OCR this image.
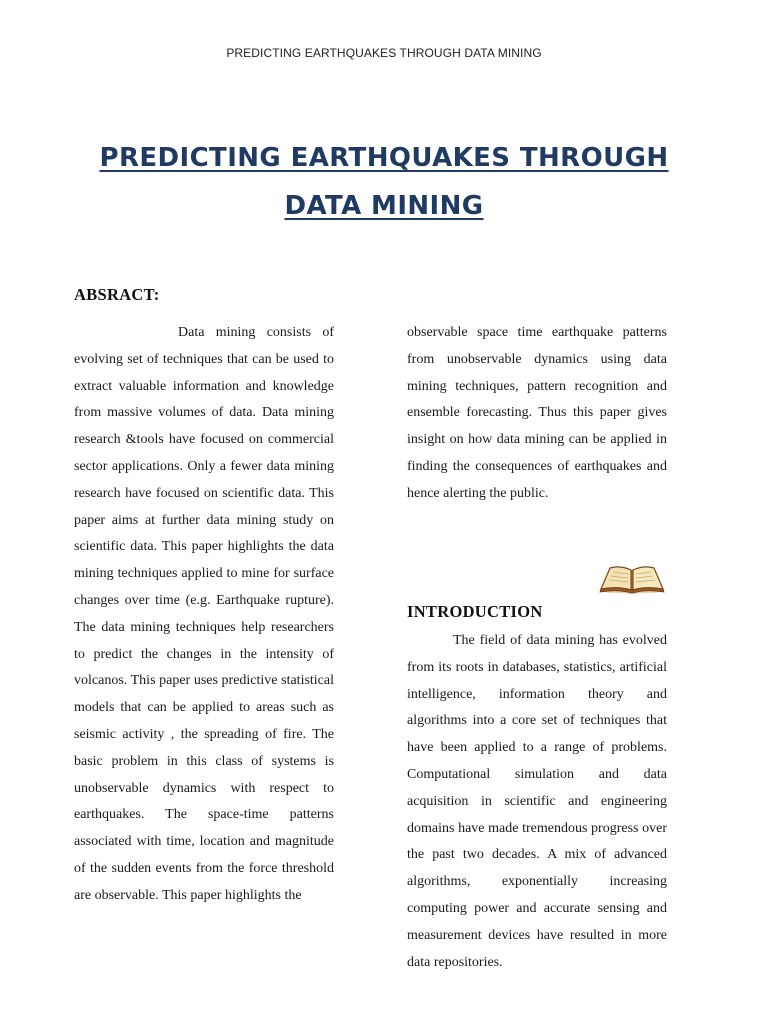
PREDICTING EARTHQUAKES THROUGH DATA MINING
PREDICTING EARTHQUAKES THROUGH
DATA MINING
ABSRACT:
Data mining consists of evolving set of techniques that can be used to extract valuable information and knowledge from massive volumes of data. Data mining research &tools have focused on commercial sector applications. Only a fewer data mining research have focused on scientific data. This paper aims at further data mining study on scientific data. This paper highlights the data mining techniques applied to mine for surface changes over time (e.g. Earthquake rupture). The data mining techniques help researchers to predict the changes in the intensity of volcanos. This paper uses predictive statistical models that can be applied to areas such as seismic activity , the spreading of fire. The basic problem in this class of systems is unobservable dynamics with respect to earthquakes. The space-time patterns associated with time, location and magnitude of the sudden events from the force threshold are observable. This paper highlights the
observable space time earthquake patterns from unobservable dynamics using data mining techniques, pattern recognition and ensemble forecasting. Thus this paper gives insight on how data mining can be applied in finding the consequences of earthquakes and hence alerting the public.
INTRODUCTION
The field of data mining has evolved from its roots in databases, statistics, artificial intelligence, information theory and algorithms into a core set of techniques that have been applied to a range of problems. Computational simulation and data acquisition in scientific and engineering domains have made tremendous progress over the past two decades. A mix of advanced algorithms, exponentially increasing computing power and accurate sensing and measurement devices have resulted in more data repositories.
